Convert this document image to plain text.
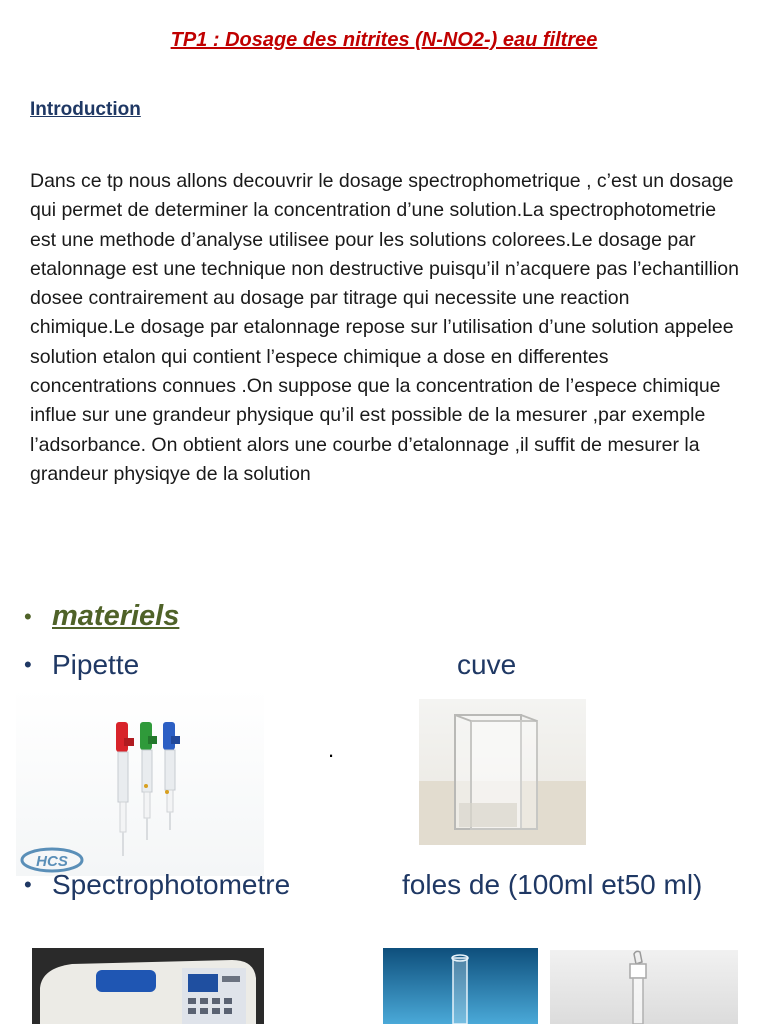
TP1 : Dosage des nitrites (N-NO2-) eau filtree
Introduction
Dans ce tp nous allons decouvrir le dosage spectrophometrique , c’est un dosage qui permet de determiner la concentration d’une solution.La spectrophotometrie est une methode d’analyse utilisee pour les solutions colorees.Le dosage par etalonnage est une technique non destructive puisqu’il n’acquere pas l’echantillion dosee contrairement au dosage par titrage qui necessite une reaction chimique.Le dosage par etalonnage repose sur l’utilisation d’une solution appelee solution etalon qui contient l’espece chimique a dose en differentes concentrations connues .On suppose que la concentration de l’espece chimique influe sur une grandeur physique qu’il est possible de la mesurer ,par exemple l’adsorbance. On obtient alors une courbe d’etalonnage ,il suffit de mesurer la grandeur physiqye de la solution
• materiels
• Pipette	cuve
HCS
.
• Spectrophotometre	foles de (100ml et50 ml)
